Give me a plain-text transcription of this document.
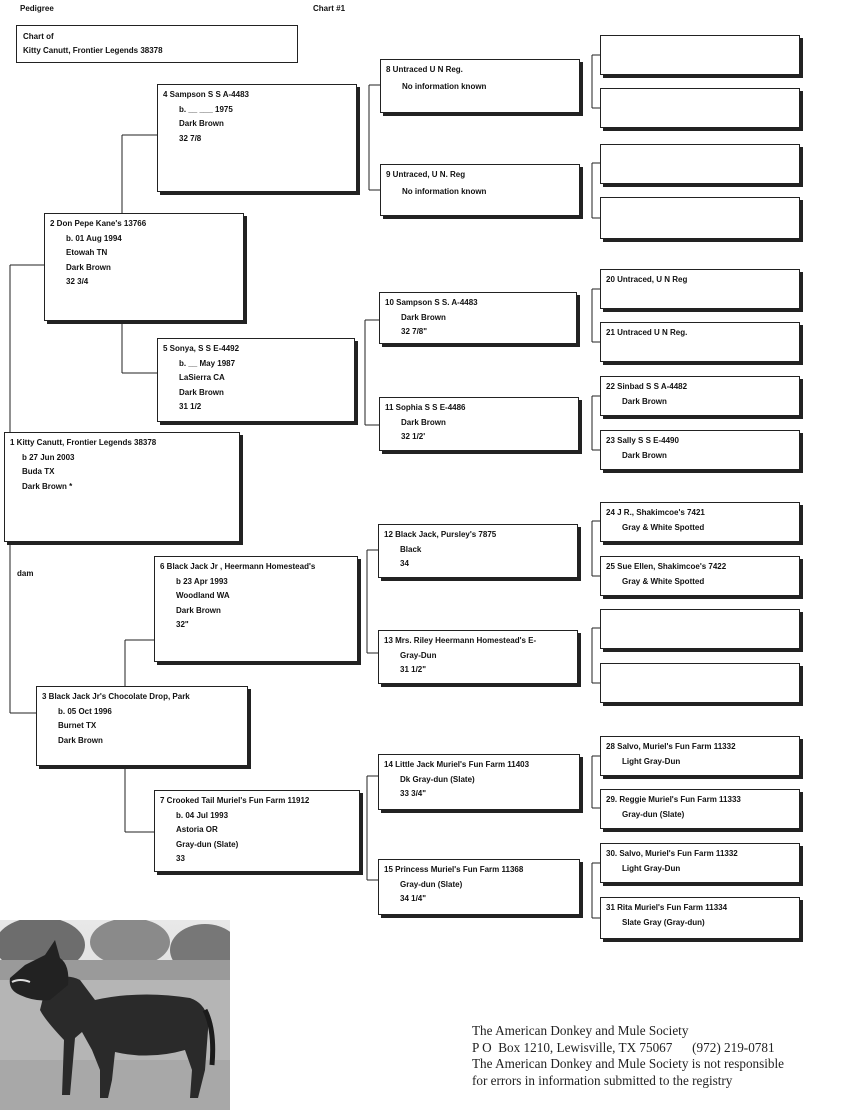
Pedigree	Chart #1
Chart of
Kitty Canutt, Frontier Legends 38378
1 Kitty Canutt, Frontier Legends 38378
b 27 Jun 2003
Buda TX
Dark Brown *
dam
2 Don Pepe Kane's 13766
b. 01 Aug 1994
Etowah TN
Dark Brown
32 3/4
3 Black Jack Jr's Chocolate Drop, Park
b. 05 Oct 1996
Burnet TX
Dark Brown
4 Sampson S S A-4483
b. __ ___ 1975
Dark Brown
32 7/8
5 Sonya, S S E-4492
b. __ May 1987
LaSierra CA
Dark Brown
31 1/2
6 Black Jack Jr , Heermann Homestead's
b 23 Apr 1993
Woodland WA
Dark Brown
32"
7 Crooked Tail Muriel's Fun Farm 11912
b. 04 Jul 1993
Astoria OR
Gray-dun (Slate)
33
8 Untraced U N Reg.
No information known
9 Untraced, U N. Reg
No information known
10 Sampson S S. A-4483
Dark Brown
32 7/8"
11 Sophia S S E-4486
Dark Brown
32 1/2'
12 Black Jack, Pursley's 7875
Black
34
13 Mrs. Riley Heermann Homestead's E-
Gray-Dun
31 1/2"
14 Little Jack Muriel's Fun Farm 11403
Dk Gray-dun (Slate)
33 3/4"
15 Princess Muriel's Fun Farm 11368
Gray-dun (Slate)
34 1/4"
20 Untraced, U N Reg
21 Untraced U N Reg.
22 Sinbad S S A-4482
Dark Brown
23 Sally S S E-4490
Dark Brown
24 J R., Shakimcoe's 7421
Gray & White Spotted
25 Sue Ellen, Shakimcoe's 7422
Gray & White Spotted
28 Salvo, Muriel's Fun Farm 11332
Light Gray-Dun
29. Reggie Muriel's Fun Farm 11333
Gray-dun (Slate)
30. Salvo, Muriel's Fun Farm 11332
Light Gray-Dun
31 Rita Muriel's Fun Farm 11334
Slate Gray (Gray-dun)
The American Donkey and Mule Society
P O  Box 1210, Lewisville, TX 75067      (972) 219-0781
The American Donkey and Mule Society is not responsible
for errors in information submitted to the registry
